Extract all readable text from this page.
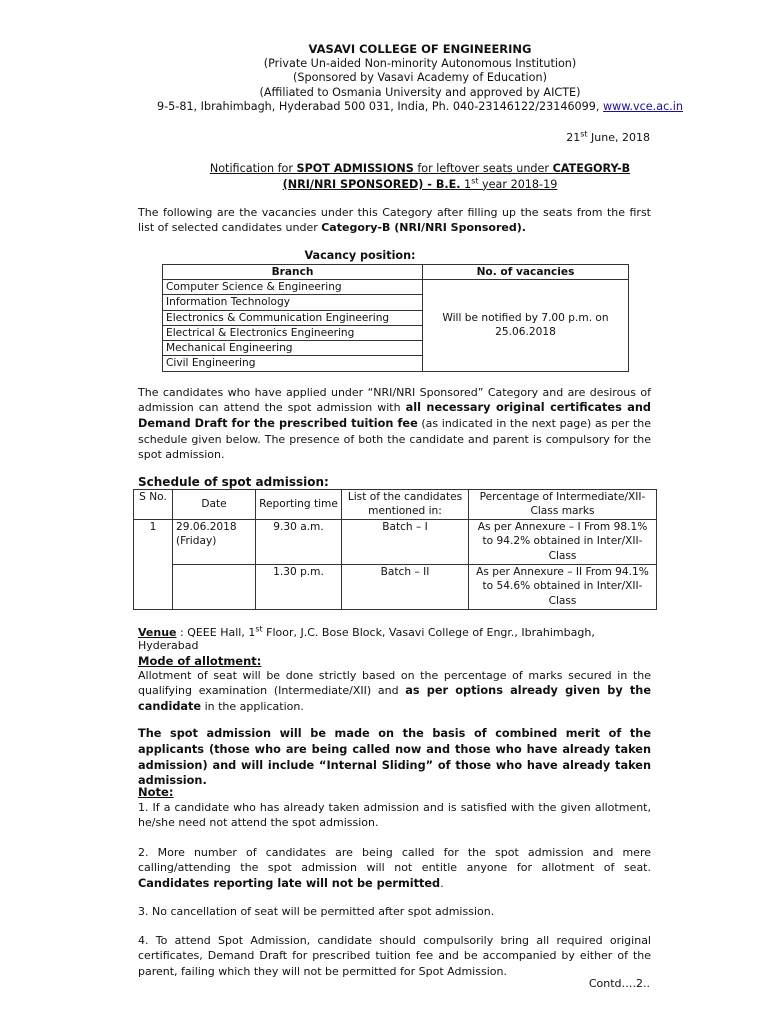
VASAVI COLLEGE OF ENGINEERING
(Private Un-aided Non-minority Autonomous Institution)
(Sponsored by Vasavi Academy of Education)
(Affiliated to Osmania University and approved by AICTE)
9-5-81, Ibrahimbagh, Hyderabad 500 031, India, Ph. 040-23146122/23146099, www.vce.ac.in
21st June, 2018
Notification for SPOT ADMISSIONS for leftover seats under CATEGORY-B
(NRI/NRI SPONSORED) - B.E. 1st year 2018-19
The following are the vacancies under this Category after filling up the seats from the first list of selected candidates under Category-B (NRI/NRI Sponsored).
Vacancy position:
Branch	No. of vacancies
Computer Science & Engineering	Will be notified by 7.00 p.m. on 25.06.2018
Information Technology	
Electronics & Communication Engineering	
Electrical & Electronics Engineering	
Mechanical Engineering	
Civil Engineering	
The candidates who have applied under “NRI/NRI Sponsored” Category and are desirous of admission can attend the spot admission with all necessary original certificates and Demand Draft for the prescribed tuition fee (as indicated in the next page) as per the schedule given below. The presence of both the candidate and parent is compulsory for the spot admission.
Schedule of spot admission:
S No.	Date	Reporting time	List of the candidates mentioned in:	Percentage of Intermediate/XII-Class marks
1	29.06.2018 (Friday)	9.30 a.m.	Batch – I	As per Annexure – I From 98.1% to 94.2% obtained in Inter/XII-Class
		1.30 p.m.	Batch – II	As per Annexure – II From 94.1% to 54.6% obtained in Inter/XII-Class
Venue : QEEE Hall, 1st Floor, J.C. Bose Block, Vasavi College of Engr., Ibrahimbagh, Hyderabad
Mode of allotment:
Allotment of seat will be done strictly based on the percentage of marks secured in the qualifying examination (Intermediate/XII) and as per options already given by the candidate in the application.
The spot admission will be made on the basis of combined merit of the applicants (those who are being called now and those who have already taken admission) and will include “Internal Sliding” of those who have already taken admission.
Note:
1. If a candidate who has already taken admission and is satisfied with the given allotment, he/she need not attend the spot admission.
2. More number of candidates are being called for the spot admission and mere calling/attending the spot admission will not entitle anyone for allotment of seat. Candidates reporting late will not be permitted.
3. No cancellation of seat will be permitted after spot admission.
4. To attend Spot Admission, candidate should compulsorily bring all required original certificates, Demand Draft for prescribed tuition fee and be accompanied by either of the parent, failing which they will not be permitted for Spot Admission.
Contd….2..
